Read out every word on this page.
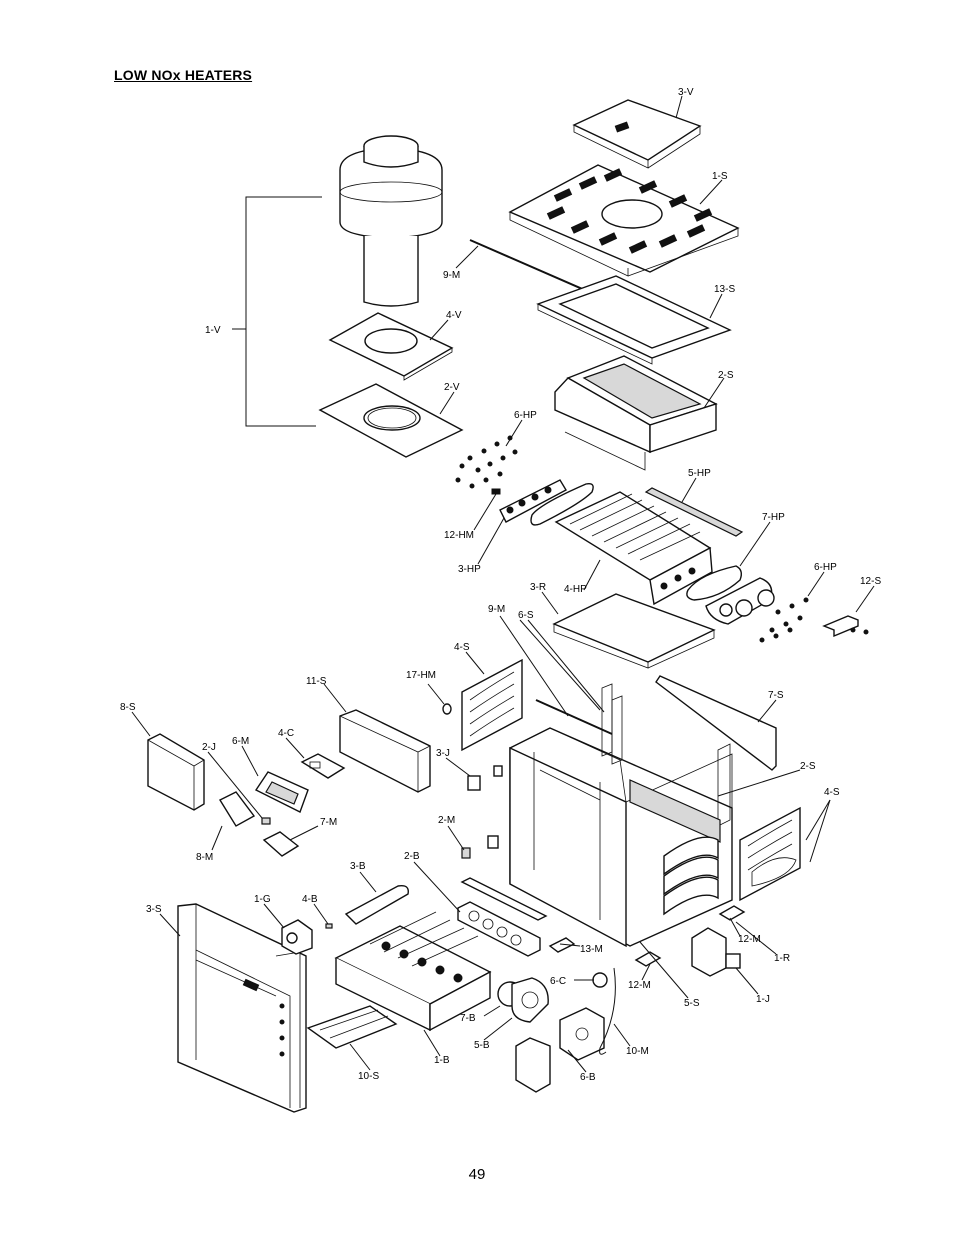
LOW NOx HEATERS
3-V
1-S
9-M
13-S
1-V
4-V
2-V
2-S
6-HP
5-HP
12-HM
7-HP
3-HP
3-R 4-HP
6-HP
12-S
9-M
6-S
4-S
17-HM
11-S
7-S
8-S
2-J
6-M
4-C
3-J
2-S
4-S
7-M
8-M
2-M
3-B
2-B
3-S
1-G	4-B
13-M
12-M
1-R
6-C	12-M
1-J
7-B
5-S
5-B
10-M
10-S
1-B
6-B
49
